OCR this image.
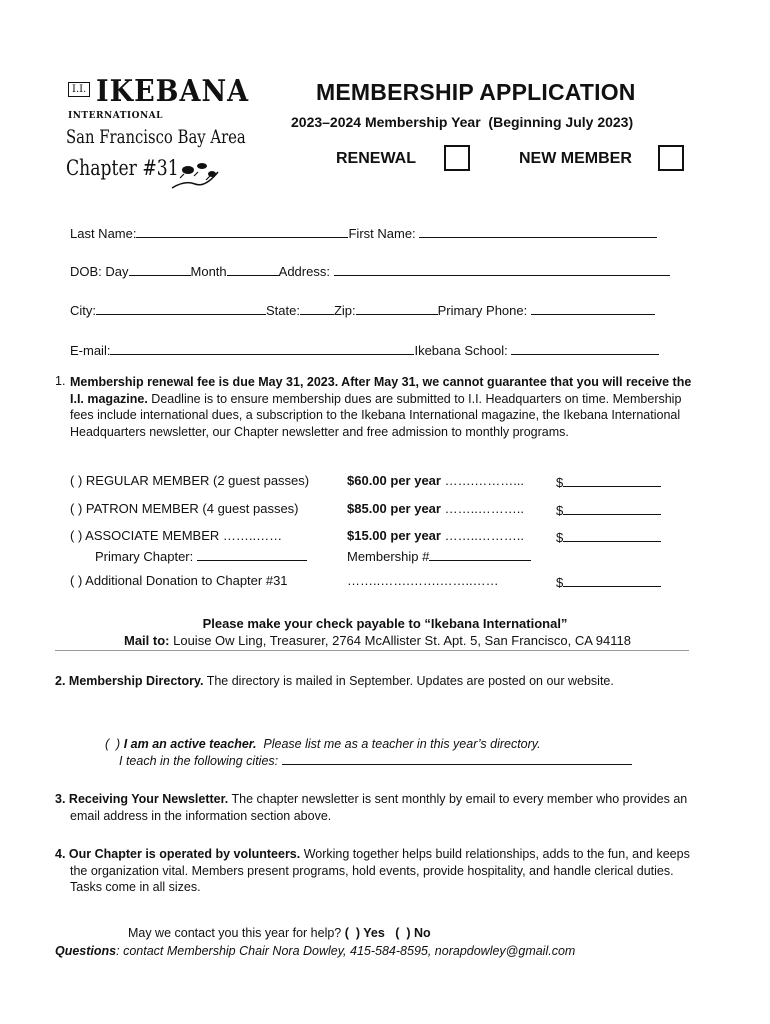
I.I. IKEBANA
INTERNATIONAL
San Francisco Bay Area
Chapter #31
MEMBERSHIP APPLICATION
2023–2024 Membership Year  (Beginning July 2023)
RENEWAL	NEW MEMBER
Last Name:	First Name:
DOB: Day	Month	Address:
City:	State:	Zip:	Primary Phone:
E-mail:	Ikebana School:
1. Membership renewal fee is due May 31, 2023. After May 31, we cannot guarantee that you will receive the I.I. magazine. Deadline is to ensure membership dues are submitted to I.I. Headquarters on time. Membership fees include international dues, a subscription to the Ikebana International magazine, the Ikebana International Headquarters newsletter, our Chapter newsletter and free admission to monthly programs.
( ) REGULAR MEMBER (2 guest passes)	$60.00 per year …….………... $
( ) PATRON MEMBER (4 guest passes)	$85.00 per year ……..……….. $
( ) ASSOCIATE MEMBER ……..……	$15.00 per year ……..……….. $
Primary Chapter:	Membership #
( ) Additional Donation to Chapter #31	……..…….…….……..……	$
Please make your check payable to “Ikebana International”
Mail to: Louise Ow Ling, Treasurer, 2764 McAllister St. Apt. 5, San Francisco, CA 94118
2. Membership Directory. The directory is mailed in September. Updates are posted on our website.

(  ) I am an active teacher.  Please list me as a teacher in this year’s directory.

I teach in the following cities:
3. Receiving Your Newsletter. The chapter newsletter is sent monthly by email to every member who provides an email address in the information section above.
4. Our Chapter is operated by volunteers. Working together helps build relationships, adds to the fun, and keeps the organization vital. Members present programs, hold events, provide hospitality, and handle clerical duties. Tasks come in all sizes.

May we contact you this year for help? (  ) Yes   (  ) No

Questions: contact Membership Chair Nora Dowley, 415-584-8595, norapdowley@gmail.com
